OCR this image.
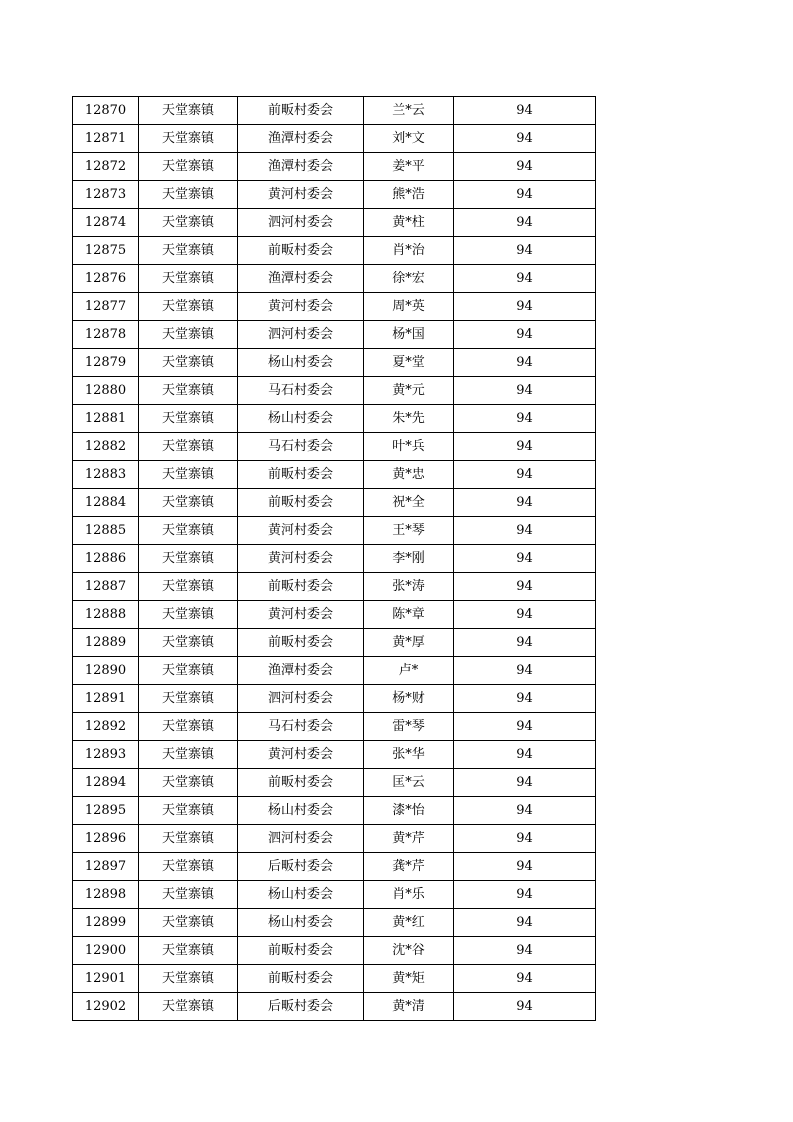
12870	天堂寨镇	前畈村委会	兰*云	94
12871	天堂寨镇	渔潭村委会	刘*文	94
12872	天堂寨镇	渔潭村委会	姜*平	94
12873	天堂寨镇	黄河村委会	熊*浩	94
12874	天堂寨镇	泗河村委会	黄*柱	94
12875	天堂寨镇	前畈村委会	肖*治	94
12876	天堂寨镇	渔潭村委会	徐*宏	94
12877	天堂寨镇	黄河村委会	周*英	94
12878	天堂寨镇	泗河村委会	杨*国	94
12879	天堂寨镇	杨山村委会	夏*堂	94
12880	天堂寨镇	马石村委会	黄*元	94
12881	天堂寨镇	杨山村委会	朱*先	94
12882	天堂寨镇	马石村委会	叶*兵	94
12883	天堂寨镇	前畈村委会	黄*忠	94
12884	天堂寨镇	前畈村委会	祝*全	94
12885	天堂寨镇	黄河村委会	王*琴	94
12886	天堂寨镇	黄河村委会	李*刚	94
12887	天堂寨镇	前畈村委会	张*涛	94
12888	天堂寨镇	黄河村委会	陈*章	94
12889	天堂寨镇	前畈村委会	黄*厚	94
12890	天堂寨镇	渔潭村委会	卢*	94
12891	天堂寨镇	泗河村委会	杨*财	94
12892	天堂寨镇	马石村委会	雷*琴	94
12893	天堂寨镇	黄河村委会	张*华	94
12894	天堂寨镇	前畈村委会	匡*云	94
12895	天堂寨镇	杨山村委会	漆*怡	94
12896	天堂寨镇	泗河村委会	黄*芹	94
12897	天堂寨镇	后畈村委会	龚*芹	94
12898	天堂寨镇	杨山村委会	肖*乐	94
12899	天堂寨镇	杨山村委会	黄*红	94
12900	天堂寨镇	前畈村委会	沈*谷	94
12901	天堂寨镇	前畈村委会	黄*矩	94
12902	天堂寨镇	后畈村委会	黄*清	94
